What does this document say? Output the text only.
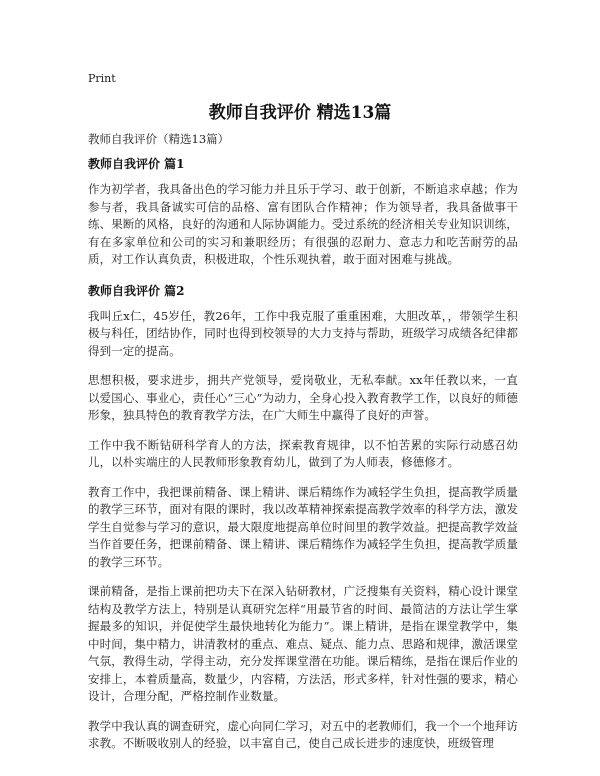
Print
教师自我评价 精选13篇

教师自我评价（精选13篇）

教师自我评价 篇1

作为初学者，我具备出色的学习能力并且乐于学习、敢于创新，不断追求卓越；作为参与者，我具备诚实可信的品格、富有团队合作精神；作为领导者，我具备做事干练、果断的风格，良好的沟通和人际协调能力。受过系统的经济相关专业知识训练，有在多家单位和公司的实习和兼职经历；有很强的忍耐力、意志力和吃苦耐劳的品质，对工作认真负责，积极进取，个性乐观执着，敢于面对困难与挑战。

教师自我评价 篇2

我叫丘x仁，45岁任，教26年，工作中我克服了重重困难，大胆改革，，带领学生积极与科任，团结协作，同时也得到校领导的大力支持与帮助，班级学习成绩各纪律都得到一定的提高。

思想积极，要求进步，拥共产党领导，爱岗敬业，无私奉献。xx年任教以来，一直以爱国心、事业心，责任心“三心”为动力，全身心投入教育教学工作，以良好的师德形象，独具特色的教育教学方法，在广大师生中赢得了良好的声誉。

工作中我不断钻研科学育人的方法，探索教育规律，以不怕苦累的实际行动感召幼儿，以朴实端庄的人民教师形象教育幼儿，做到了为人师表，修德修才。

教育工作中，我把课前精备、课上精讲、课后精练作为减轻学生负担，提高教学质量的教学三环节，面对有限的课时，我以改革精神探索提高教学效率的科学方法，激发学生自觉参与学习的意识，最大限度地提高单位时间里的教学效益。把提高教学效益当作首要任务，把课前精备、课上精讲、课后精练作为减轻学生负担，提高教学质量的教学三环节。

课前精备，是指上课前把功夫下在深入钻研教材，广泛搜集有关资料，精心设计课堂结构及教学方法上，特别是认真研究怎样“用最节省的时间、最简洁的方法让学生掌握最多的知识，并促使学生最快地转化为能力”。课上精讲，是指在课堂教学中，集中时间，集中精力，讲清教材的重点、难点、疑点、能力点、思路和规律，激活课堂气氛，教得生动，学得主动，充分发挥课堂潜在功能。课后精练，是指在课后作业的安排上，本着质量高，数量少，内容精，方法活，形式多样，针对性强的要求，精心设计，合理分配，严格控制作业数量。

教学中我认真的调查研究，虚心向同仁学习，对五中的老教师们，我一个一个地拜访求教。不断吸收别人的经验，以丰富自己，使自己成长进步的速度快，班级管理
